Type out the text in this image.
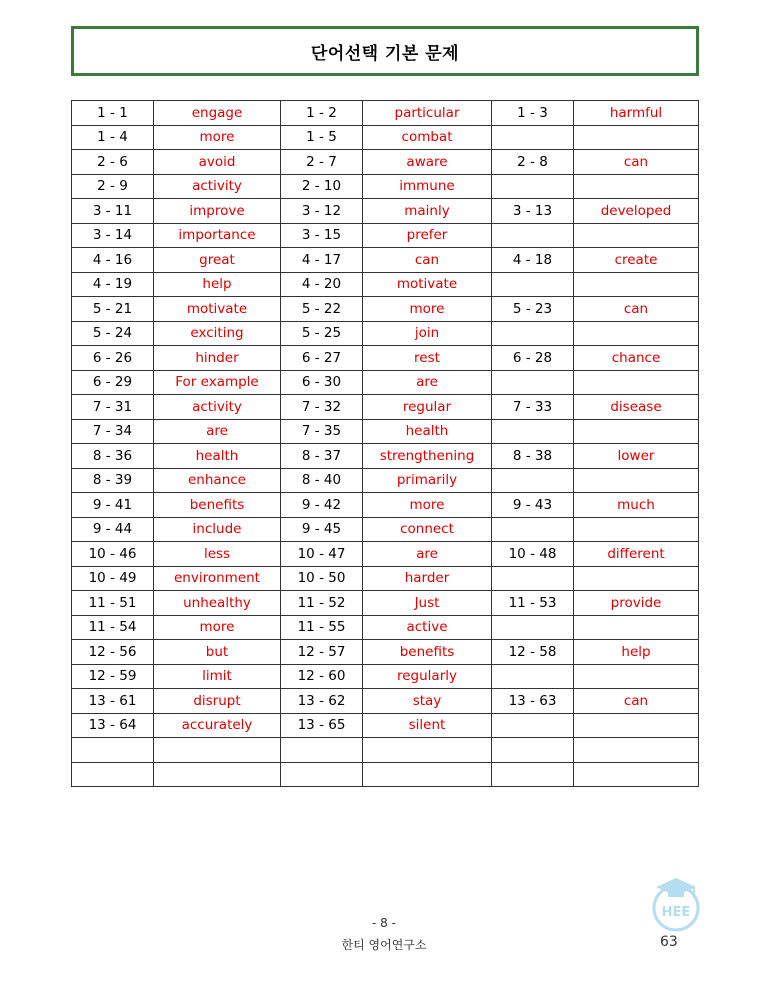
단어선택 기본 문제
1 - 1	engage	1 - 2	particular	1 - 3	harmful
1 - 4	more	1 - 5	combat		
2 - 6	avoid	2 - 7	aware	2 - 8	can
2 - 9	activity	2 - 10	immune		
3 - 11	improve	3 - 12	mainly	3 - 13	developed
3 - 14	importance	3 - 15	prefer		
4 - 16	great	4 - 17	can	4 - 18	create
4 - 19	help	4 - 20	motivate		
5 - 21	motivate	5 - 22	more	5 - 23	can
5 - 24	exciting	5 - 25	join		
6 - 26	hinder	6 - 27	rest	6 - 28	chance
6 - 29	For example	6 - 30	are		
7 - 31	activity	7 - 32	regular	7 - 33	disease
7 - 34	are	7 - 35	health		
8 - 36	health	8 - 37	strengthening	8 - 38	lower
8 - 39	enhance	8 - 40	primarily		
9 - 41	benefits	9 - 42	more	9 - 43	much
9 - 44	include	9 - 45	connect		
10 - 46	less	10 - 47	are	10 - 48	different
10 - 49	environment	10 - 50	harder		
11 - 51	unhealthy	11 - 52	Just	11 - 53	provide
11 - 54	more	11 - 55	active		
12 - 56	but	12 - 57	benefits	12 - 58	help
12 - 59	limit	12 - 60	regularly		
13 - 61	disrupt	13 - 62	stay	13 - 63	can
13 - 64	accurately	13 - 65	silent		

- 8 -
한티 영어연구소	63
HEE
